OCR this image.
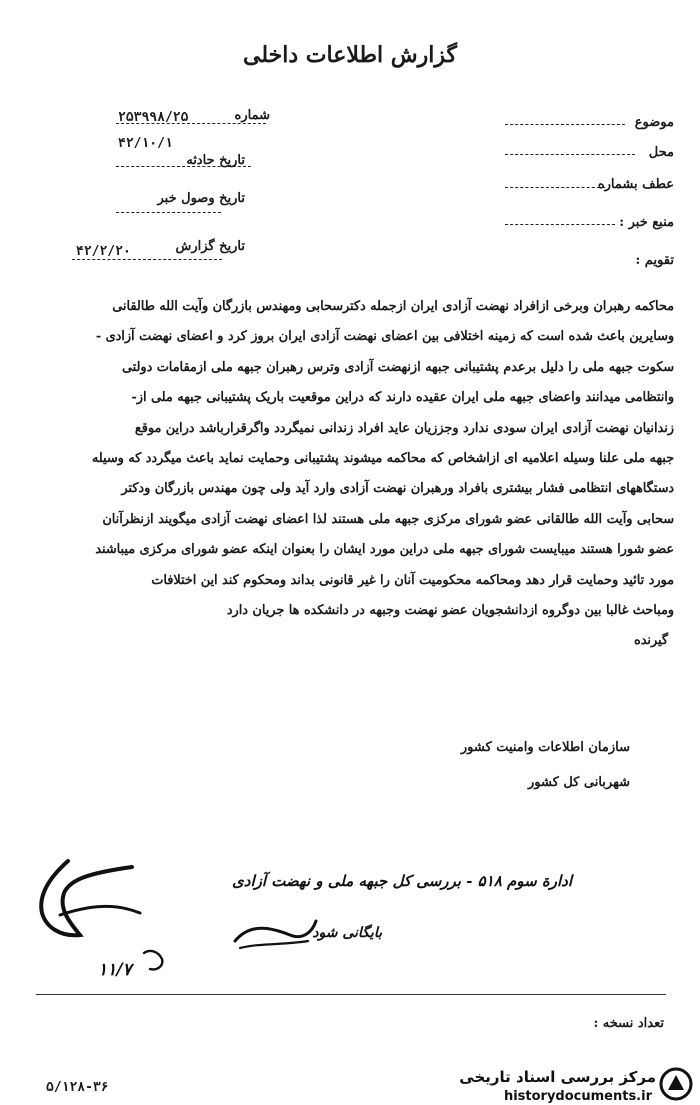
گزارش اطلاعات داخلی
شماره
۲۵۳۹۹۸/۲۵
۴۲/۱۰/۱
تاریخ حادثه
تاریخ وصول خبر
۴۲/۲/۲۰	تاریخ گزارش
موضوع
محل
عطف بشماره
منبع خبر :
تقویم :
محاکمه رهبران وبرخی ازافراد نهضت آزادی ایران ازجمله دکترسحابی ومهندس بازرگان وآیت الله طالقانی
وسایرین باعث شده است که زمینه اختلافی بین اعضای نهضت آزادی ایران بروز کرد و اعضای نهضت آزادی -
سکوت جبهه ملی را دلیل برعدم پشتیبانی جبهه ازنهضت آزادی وترس رهبران جبهه ملی ازمقامات دولتی
وانتظامی میدانند واعضای جبهه ملی ایران عقیده دارند که دراین موقعیت باریک پشتیبانی جبهه ملی از-
زندانیان نهضت آزادی ایران سودی ندارد وجززیان عاید افراد زندانی نمیگردد واگرقرارباشد دراین موقع
جبهه ملی علنا وسیله اعلامیه ای ازاشخاص که محاکمه میشوند پشتیبانی وحمایت نماید باعث میگردد که وسیله
دستگاههای انتظامی فشار بیشتری بافراد ورهبران نهضت آزادی وارد آید ولی چون مهندس بازرگان ودکتر
سحابی وآیت الله طالقانی عضو شورای مرکزی جبهه ملی هستند لذا اعضای نهضت آزادی میگویند ازنظرآنان
عضو شورا هستند میبایست شورای جبهه ملی دراین مورد ایشان را بعنوان اینکه عضو شورای مرکزی میباشند
مورد تائید وحمایت قرار دهد ومحاکمه محکومیت آنان را غیر قانونی بداند ومحکوم کند این اختلافات
ومباحث غالبا بین دوگروه ازدانشجویان عضو نهضت وجبهه در دانشکده ها جریان دارد
گیرنده
سازمان اطلاعات وامنیت کشور
شهربانی کل کشور
ادارة سوم ۵۱۸ - بررسی کل جبهه ملی و نهضت آزادی
بایگانی شود
۱۱/۷
تعداد نسخه :
۵/۱۲۸-۳۶
مرکز بررسی اسناد تاریخی
historydocuments.ir
